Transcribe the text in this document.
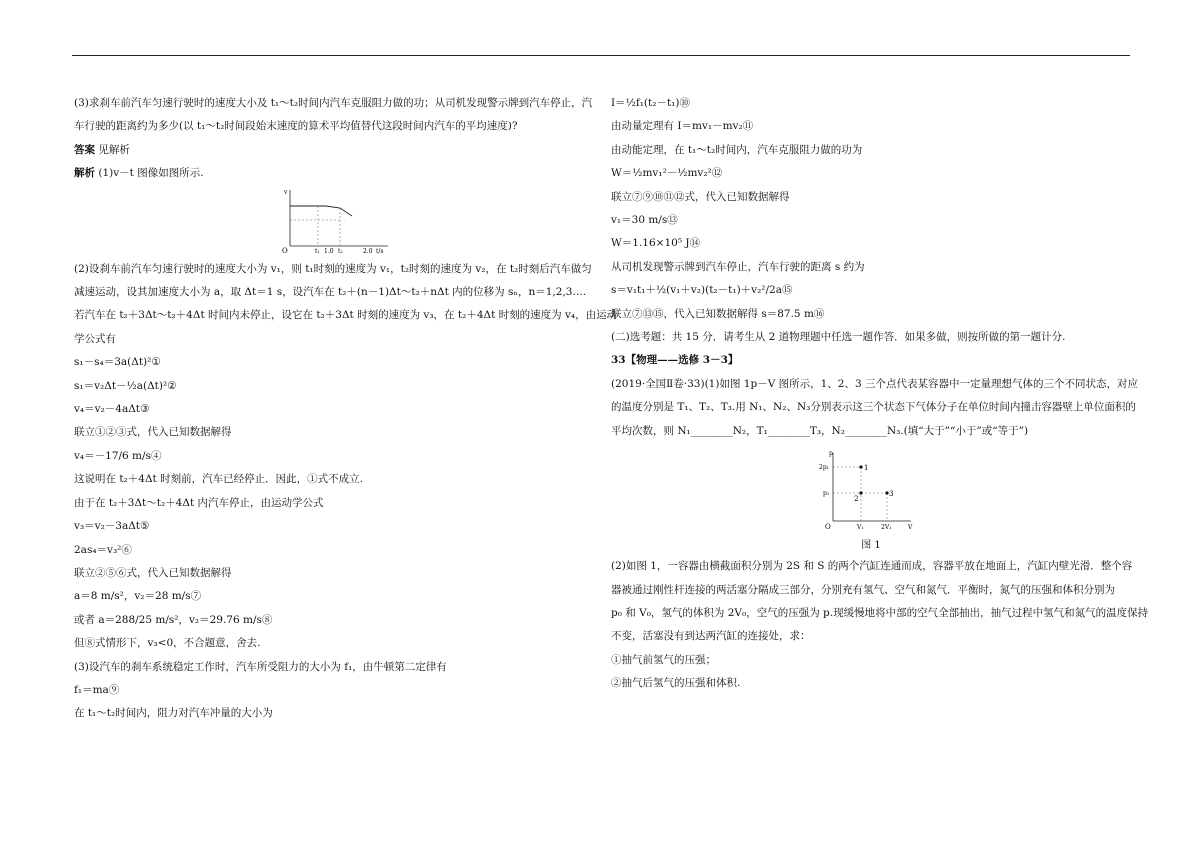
(3)求刹车前汽车匀速行驶时的速度大小及 t₁～t₂时间内汽车克服阻力做的功；从司机发现警示牌到汽车停止，汽
车行驶的距离约为多少(以 t₁～t₂时间段始末速度的算术平均值替代这段时间内汽车的平均速度)?
答案 见解析
解析 (1)v－t 图像如图所示.
v
O	t₁ 1.0 t₂	2.0 t/s
(2)设刹车前汽车匀速行驶时的速度大小为 v₁，则 t₁时刻的速度为 v₁，t₂时刻的速度为 v₂，在 t₂时刻后汽车做匀
减速运动，设其加速度大小为 a，取 Δt＝1 s，设汽车在 t₂＋(n－1)Δt～t₂＋nΔt 内的位移为 sₙ，n＝1,2,3….
若汽车在 t₂＋3Δt～t₂＋4Δt 时间内未停止，设它在 t₂＋3Δt 时刻的速度为 v₃，在 t₂＋4Δt 时刻的速度为 v₄，由运动
学公式有
s₁－s₄＝3a(Δt)²①
s₁＝v₂Δt－½a(Δt)²②
v₄＝v₂－4aΔt③
联立①②③式，代入已知数据解得
v₄＝－17/6 m/s④
这说明在 t₂＋4Δt 时刻前，汽车已经停止．因此，①式不成立.
由于在 t₂＋3Δt～t₂＋4Δt 内汽车停止，由运动学公式
v₃＝v₂－3aΔt⑤
2as₄＝v₃²⑥
联立②⑤⑥式，代入已知数据解得
a＝8 m/s²，v₂＝28 m/s⑦
或者 a＝288/25 m/s²，v₂＝29.76 m/s⑧
但⑧式情形下，v₃<0，不合题意，舍去.
(3)设汽车的刹车系统稳定工作时，汽车所受阻力的大小为 f₁，由牛顿第二定律有
f₁＝ma⑨
在 t₁～t₂时间内，阻力对汽车冲量的大小为
I＝½f₁(t₂－t₁)⑩
由动量定理有 I＝mv₁－mv₂⑪
由动能定理，在 t₁～t₂时间内，汽车克服阻力做的功为
W＝½mv₁²－½mv₂²⑫
联立⑦⑨⑩⑪⑫式，代入已知数据解得
v₁＝30 m/s⑬
W＝1.16×10⁵ J⑭
从司机发现警示牌到汽车停止，汽车行驶的距离 s 约为
s＝v₁t₁＋½(v₁＋v₂)(t₂－t₁)＋v₂²/2a⑮
联立⑦⑬⑮，代入已知数据解得 s＝87.5 m⑯
(二)选考题：共 15 分．请考生从 2 道物理题中任选一题作答．如果多做，则按所做的第一题计分.
33【物理——选修 3－3】
(2019·全国Ⅱ卷·33)(1)如图 1p－V 图所示，1、2、3 三个点代表某容器中一定量理想气体的三个不同状态，对应
的温度分别是 T₁、T₂、T₃.用 N₁、N₂、N₃分别表示这三个状态下气体分子在单位时间内撞击容器壁上单位面积的
平均次数，则 N₁________N₂，T₁________T₃，N₂________N₃.(填“大于”“小于”或“等于”)
1
2
3
p
2p₁
p₁
O	V₁	2V₁	V
图 1
(2)如图 1，一容器由横截面积分别为 2S 和 S 的两个汽缸连通而成，容器平放在地面上，汽缸内壁光滑．整个容
器被通过刚性杆连接的两活塞分隔成三部分，分别充有氢气、空气和氮气．平衡时，氮气的压强和体积分别为
p₀ 和 V₀，氢气的体积为 2V₀，空气的压强为 p.现缓慢地将中部的空气全部抽出，抽气过程中氢气和氮气的温度保持
不变，活塞没有到达两汽缸的连接处，求：
①抽气前氢气的压强；
②抽气后氢气的压强和体积.
